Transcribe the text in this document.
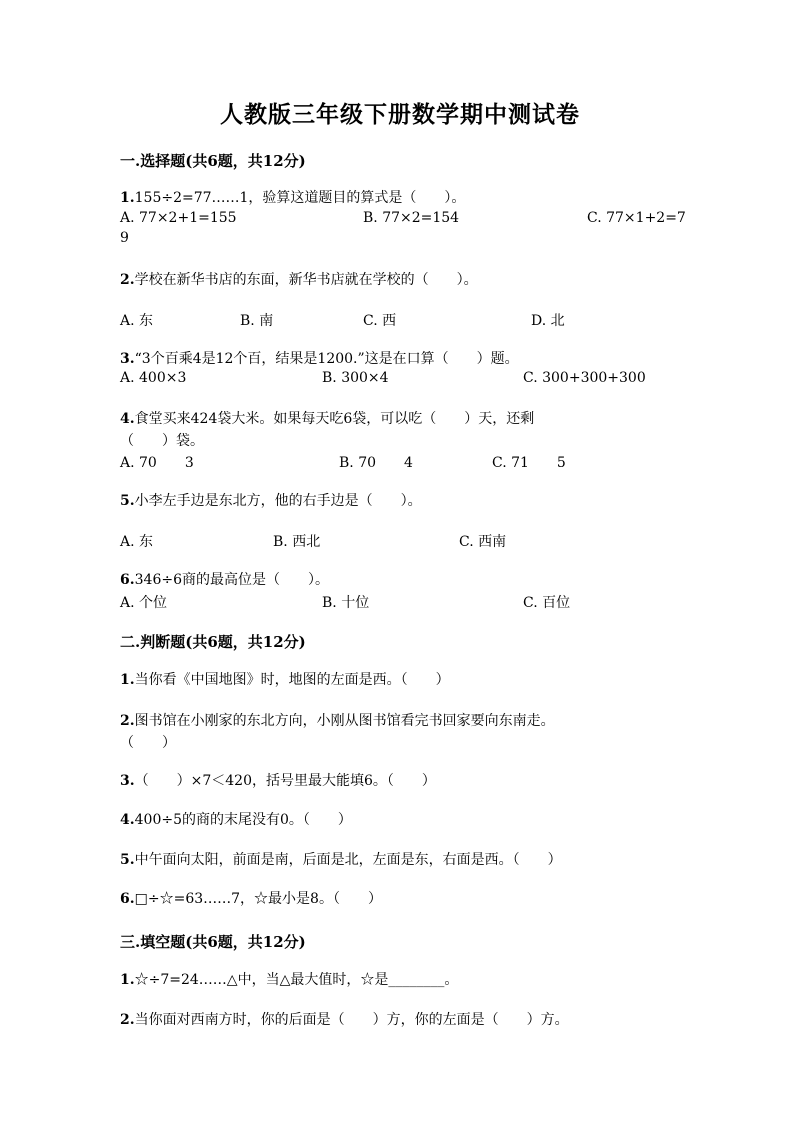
人教版三年级下册数学期中测试卷
一.选择题(共6题，共12分)
1.155÷2=77……1，验算这道题目的算式是（　　）。
A. 77×2+1=155	B. 77×2=154	C. 77×1+2=7
9
2.学校在新华书店的东面，新华书店就在学校的（　　）。
A. 东	B. 南	C. 西	D. 北
3.“3个百乘4是12个百，结果是1200.”这是在口算（　　）题。
A. 400×3	B. 300×4	C. 300+300+300
4.食堂买来424袋大米。如果每天吃6袋，可以吃（　　）天，还剩
（　　）袋。
A. 70　　3	B. 70　　4	C. 71　　5
5.小李左手边是东北方，他的右手边是（　　）。
A. 东	B. 西北	C. 西南
6.346÷6商的最高位是（　　）。
A. 个位	B. 十位	C. 百位
二.判断题(共6题，共12分)
1.当你看《中国地图》时，地图的左面是西。（　　）
2.图书馆在小刚家的东北方向，小刚从图书馆看完书回家要向东南走。
（　　）
3.（　　）×7＜420，括号里最大能填6。（　　）
4.400÷5的商的末尾没有0。（　　）
5.中午面向太阳，前面是南，后面是北，左面是东，右面是西。（　　）
6.□÷☆=63……7，☆最小是8。（　　）
三.填空题(共6题，共12分)
1.☆÷7=24……△中，当△最大值时，☆是________。
2.当你面对西南方时，你的后面是（　　）方，你的左面是（　　）方。
